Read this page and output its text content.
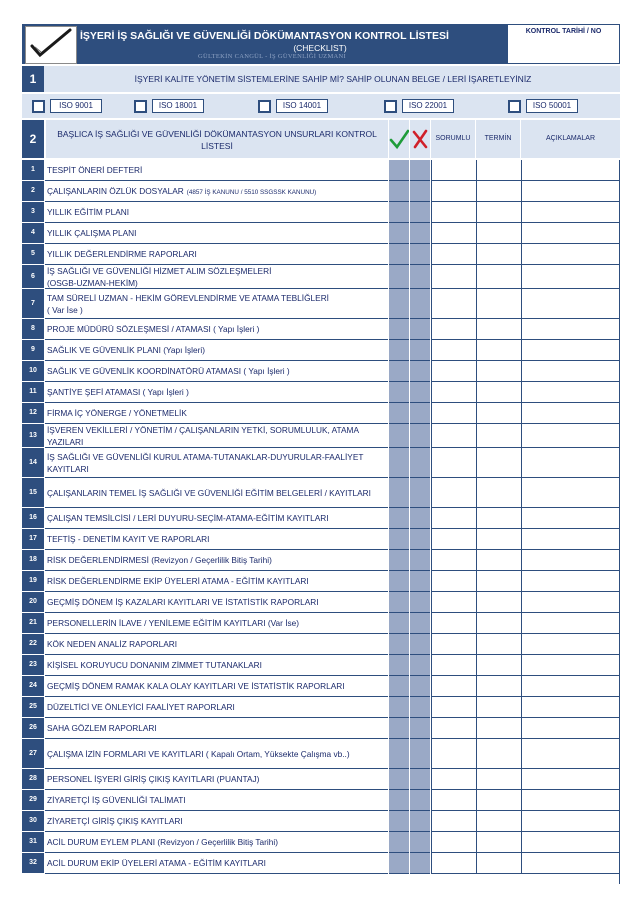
İŞYERİ İŞ SAĞLIĞI VE GÜVENLİĞİ DÖKÜMANTASYON KONTROL LİSTESİ
(CHECKLIST)
GÜLTEKİN CANGÜL - İŞ GÜVENLİĞİ UZMANI
KONTROL TARİHİ / NO
1	İŞYERİ KALİTE YÖNETİM SİSTEMLERİNE SAHİP Mİ? SAHİP OLUNAN BELGE / LERİ İŞARETLEYİNİZ
ISO 9001	ISO 18001	ISO 14001	ISO 22001	ISO 50001
2	BAŞLICA İŞ SAĞLIĞI VE GÜVENLİĞİ DÖKÜMANTASYON UNSURLARI KONTROL LİSTESİ
SORUMLU	TERMİN	AÇIKLAMALAR
1	TESPİT ÖNERİ DEFTERİ
2	ÇALIŞANLARIN ÖZLÜK DOSYALAR (4857 İŞ KANUNU / 5510 SSGSSK KANUNU)
3	YILLIK EĞİTİM PLANI
4	YILLIK ÇALIŞMA PLANI
5	YILLIK DEĞERLENDİRME RAPORLARI
6
İŞ SAĞLIĞI VE GÜVENLİĞİ HİZMET ALIM SÖZLEŞMELERİ
(OSGB-UZMAN-HEKİM)
7
TAM SÜRELİ UZMAN - HEKİM GÖREVLENDİRME VE ATAMA TEBLİĞLERİ
( Var İse )
8	PROJE MÜDÜRÜ SÖZLEŞMESİ / ATAMASI ( Yapı İşleri )
9	SAĞLIK VE GÜVENLİK PLANI (Yapı İşleri)
10	SAĞLIK VE GÜVENLİK KOORDİNATÖRÜ ATAMASI ( Yapı İşleri )
11	ŞANTİYE ŞEFİ ATAMASI ( Yapı İşleri )
12	FİRMA İÇ YÖNERGE / YÖNETMELİK
13
İŞVEREN VEKİLLERİ / YÖNETİM / ÇALIŞANLARIN YETKİ, SORUMLULUK, ATAMA
YAZILARI
14
İŞ SAĞLIĞI VE GÜVENLİĞİ KURUL ATAMA-TUTANAKLAR-DUYURULAR-FAALİYET
KAYITLARI
15	ÇALIŞANLARIN TEMEL İŞ SAĞLIĞI VE GÜVENLİĞİ EĞİTİM BELGELERİ / KAYITLARI
16	ÇALIŞAN TEMSİLCİSİ / LERİ DUYURU-SEÇİM-ATAMA-EĞİTİM KAYITLARI
17	TEFTİŞ - DENETİM KAYIT VE RAPORLARI
18	RİSK DEĞERLENDİRMESİ (Revizyon / Geçerlilik Bitiş Tarihi)
19	RİSK DEĞERLENDİRME EKİP ÜYELERİ ATAMA - EĞİTİM KAYITLARI
20	GEÇMİŞ DÖNEM İŞ KAZALARI KAYITLARI VE İSTATİSTİK RAPORLARI
21	PERSONELLERİN İLAVE / YENİLEME EĞİTİM KAYITLARI (Var İse)
22	KÖK NEDEN ANALİZ RAPORLARI
23	KİŞİSEL KORUYUCU DONANIM ZİMMET TUTANAKLARI
24	GEÇMİŞ DÖNEM RAMAK KALA OLAY KAYITLARI VE İSTATİSTİK RAPORLARI
25	DÜZELTİCİ VE ÖNLEYİCİ FAALİYET RAPORLARI
26	SAHA GÖZLEM RAPORLARI
27	ÇALIŞMA İZİN FORMLARI VE KAYITLARI ( Kapalı Ortam, Yüksekte Çalışma vb..)
28	PERSONEL İŞYERİ GİRİŞ ÇIKIŞ KAYITLARI (PUANTAJ)
29	ZİYARETÇİ İŞ GÜVENLİĞİ TALİMATI
30	ZİYARETÇİ GİRİŞ ÇIKIŞ KAYITLARI
31	ACİL DURUM EYLEM PLANI (Revizyon / Geçerlilik Bitiş Tarihi)
32	ACİL DURUM EKİP ÜYELERİ ATAMA - EĞİTİM KAYITLARI
